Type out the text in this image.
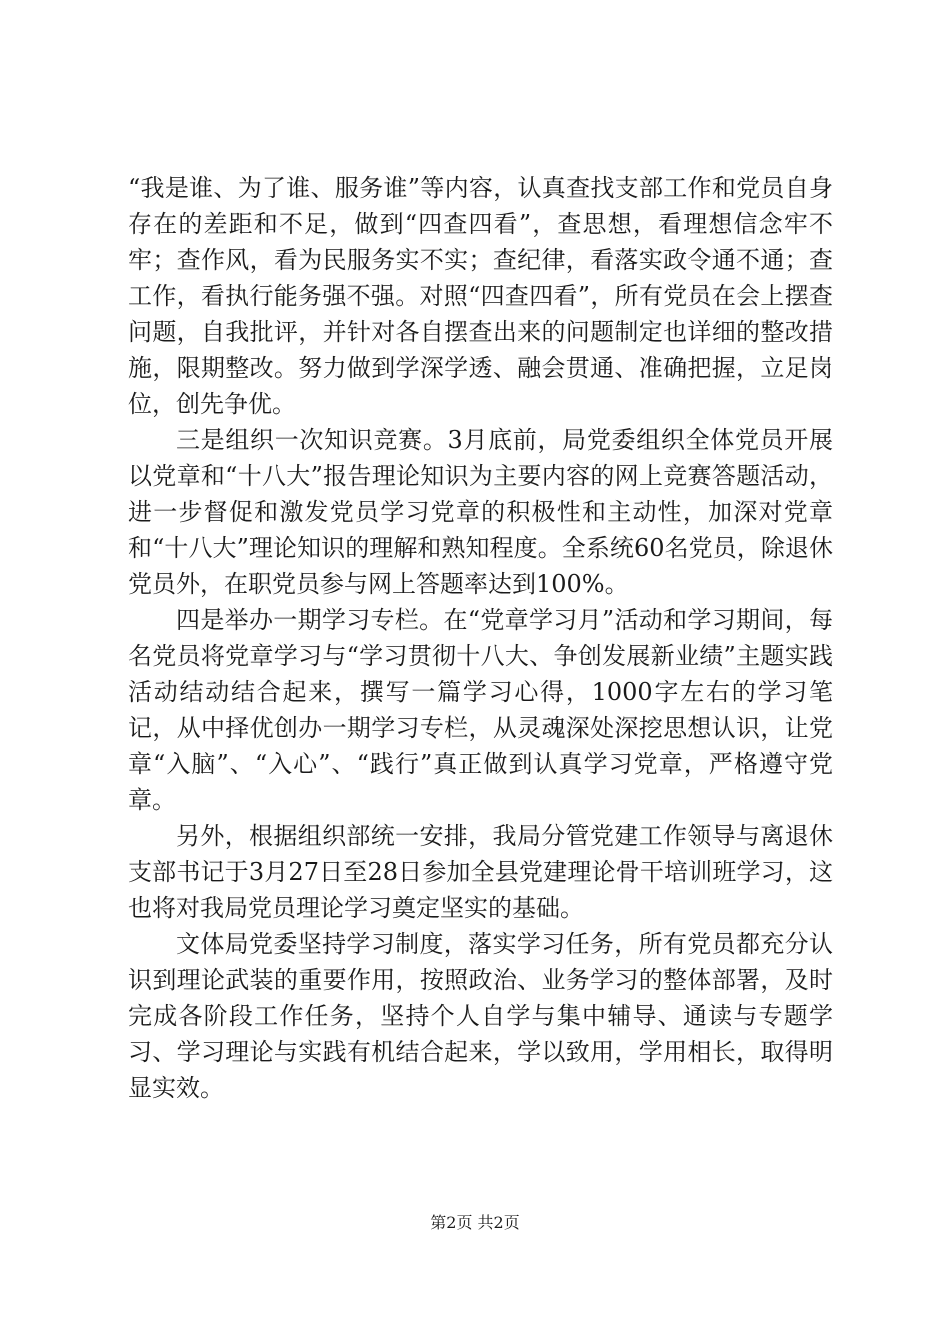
“我是谁、为了谁、服务谁”等内容，认真查找支部工作和党员自身存在的差距和不足，做到“四查四看”，查思想，看理想信念牢不牢；查作风，看为民服务实不实；查纪律，看落实政令通不通；查工作，看执行能务强不强。对照“四查四看”，所有党员在会上摆查问题，自我批评，并针对各自摆查出来的问题制定也详细的整改措施，限期整改。努力做到学深学透、融会贯通、准确把握，立足岗位，创先争优。

三是组织一次知识竞赛。3月底前，局党委组织全体党员开展以党章和“十八大”报告理论知识为主要内容的网上竞赛答题活动，进一步督促和激发党员学习党章的积极性和主动性，加深对党章和“十八大”理论知识的理解和熟知程度。全系统60名党员，除退休党员外，在职党员参与网上答题率达到100%。

四是举办一期学习专栏。在“党章学习月”活动和学习期间，每名党员将党章学习与“学习贯彻十八大、争创发展新业绩”主题实践活动结动结合起来，撰写一篇学习心得，1000字左右的学习笔记，从中择优创办一期学习专栏，从灵魂深处深挖思想认识，让党章“入脑”、“入心”、“践行”真正做到认真学习党章，严格遵守党章。

另外，根据组织部统一安排，我局分管党建工作领导与离退休支部书记于3月27日至28日参加全县党建理论骨干培训班学习，这也将对我局党员理论学习奠定坚实的基础。

文体局党委坚持学习制度，落实学习任务，所有党员都充分认识到理论武装的重要作用，按照政治、业务学习的整体部署，及时完成各阶段工作任务，坚持个人自学与集中辅导、通读与专题学习、学习理论与实践有机结合起来，学以致用，学用相长，取得明显实效。

第2页 共2页
